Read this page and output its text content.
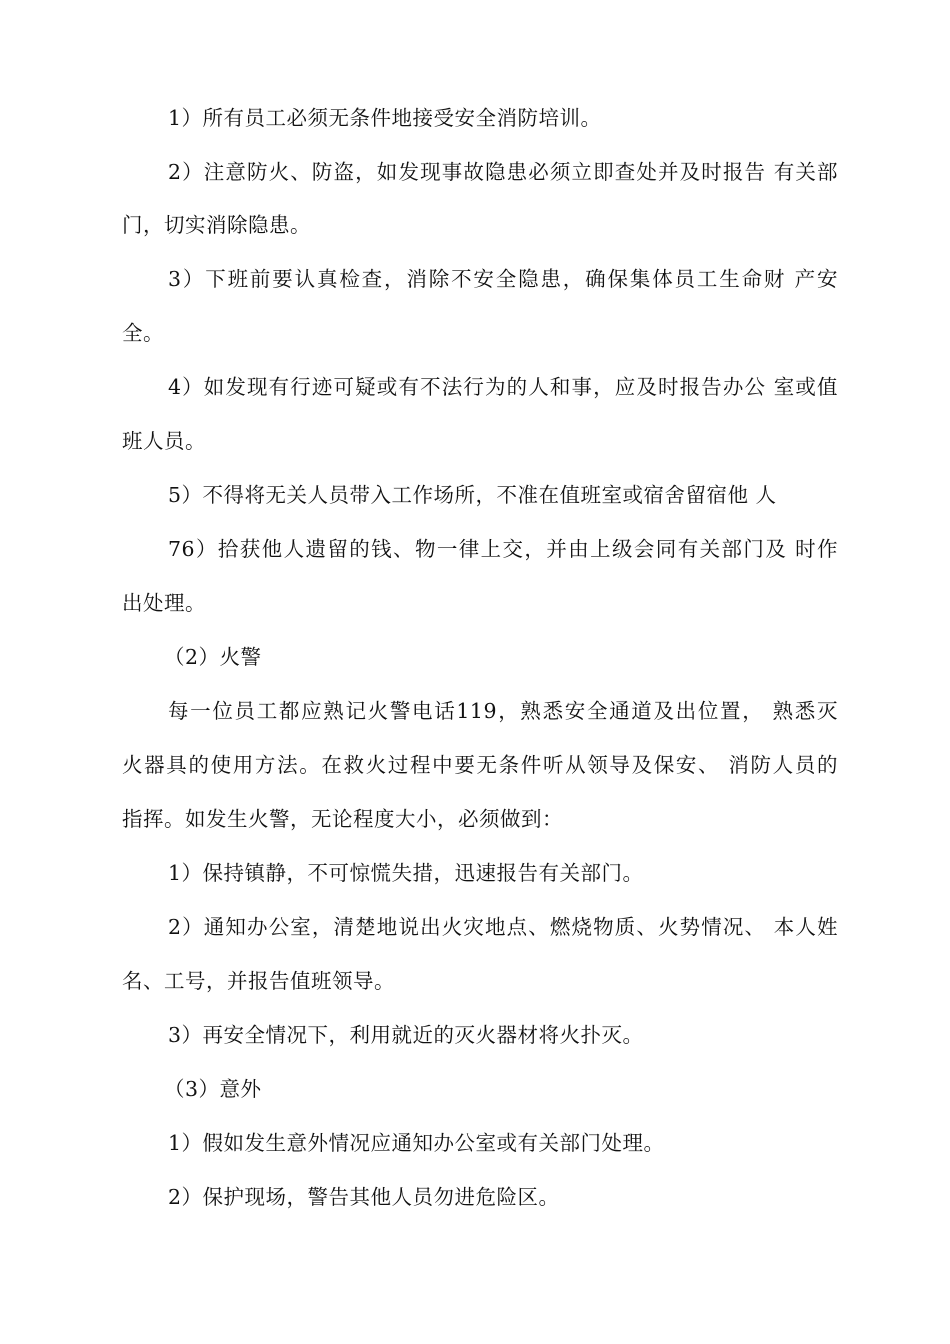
1）所有员工必须无条件地接受安全消防培训。
2）注意防火、防盗，如发现事故隐患必须立即查处并及时报告 有关部
门，切实消除隐患。
3）下班前要认真检查，消除不安全隐患，确保集体员工生命财 产安
全。
4）如发现有行迹可疑或有不法行为的人和事，应及时报告办公 室或值
班人员。
5）不得将无关人员带入工作场所，不准在值班室或宿舍留宿他 人
76）拾获他人遗留的钱、物一律上交，并由上级会同有关部门及 时作
出处理。
（2）火警
每一位员工都应熟记火警电话119，熟悉安全通道及出位置， 熟悉灭
火器具的使用方法。在救火过程中要无条件听从领导及保安、 消防人员的
指挥。如发生火警，无论程度大小，必须做到：
1）保持镇静，不可惊慌失措，迅速报告有关部门。
2）通知办公室，清楚地说出火灾地点、燃烧物质、火势情况、 本人姓
名、工号，并报告值班领导。
3）再安全情况下，利用就近的灭火器材将火扑灭。
（3）意外
1）假如发生意外情况应通知办公室或有关部门处理。
2）保护现场，警告其他人员勿进危险区。
